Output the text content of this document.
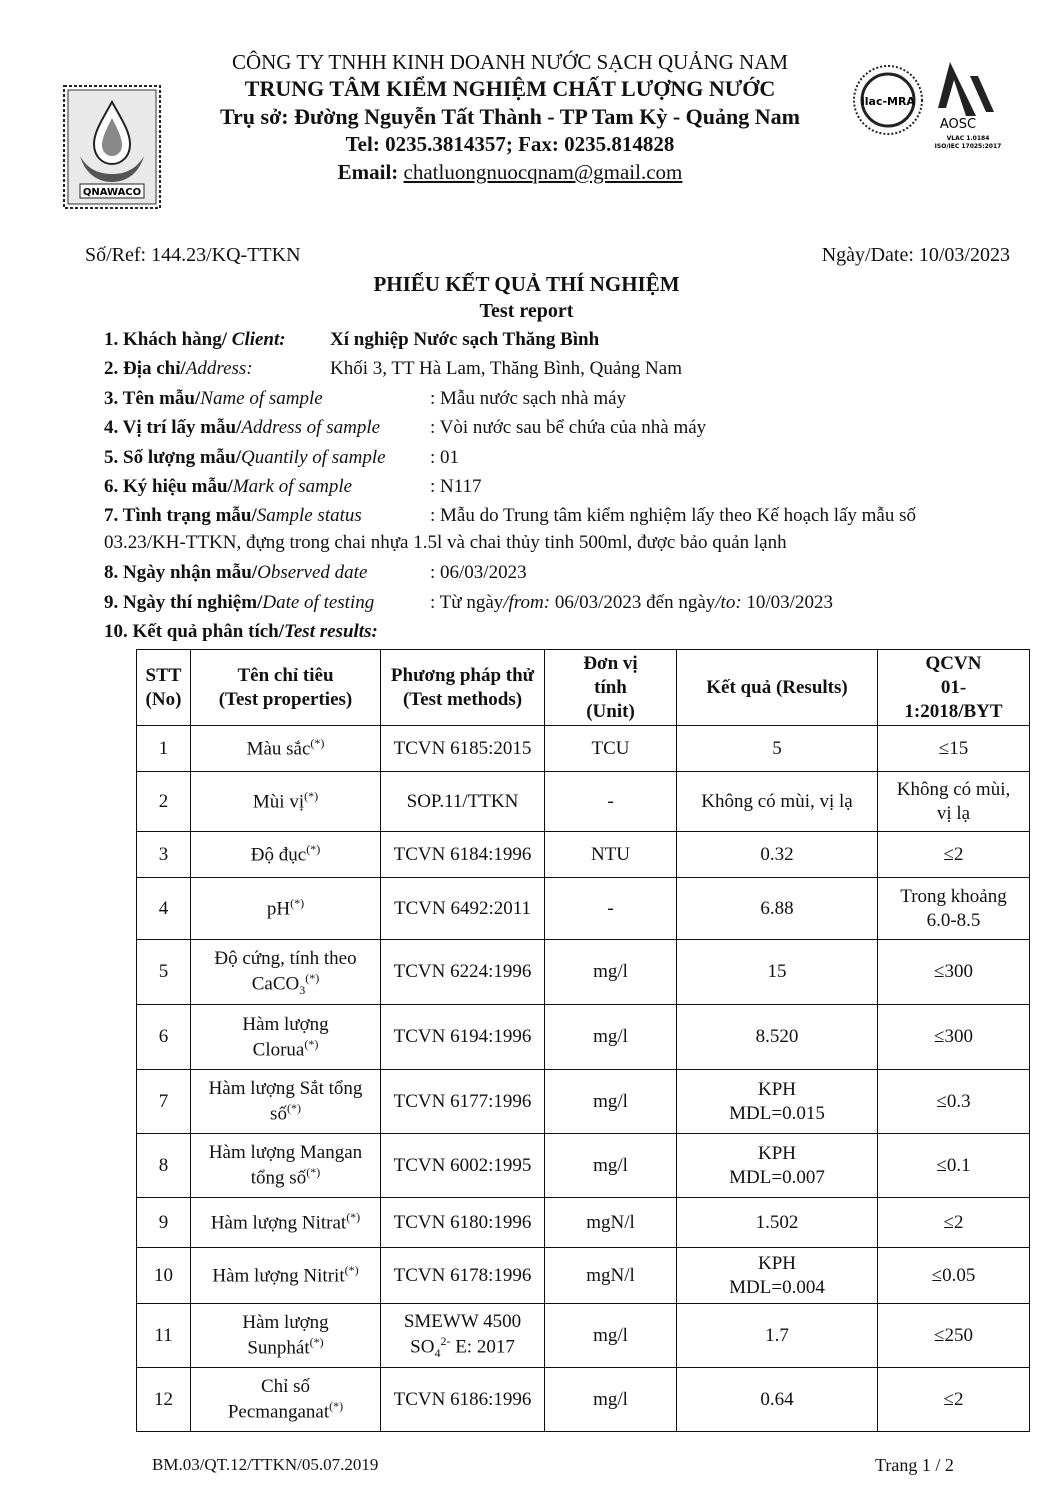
QNAWACO
ilac-MRA
AOSC
VLAC 1.0184
ISO/IEC 17025:2017
CÔNG TY TNHH KINH DOANH NƯỚC SẠCH QUẢNG NAM
TRUNG TÂM KIỂM NGHIỆM CHẤT LƯỢNG NƯỚC
Trụ sở: Đường Nguyễn Tất Thành - TP Tam Kỳ - Quảng Nam
Tel: 0235.3814357; Fax: 0235.814828
Email: chatluongnuocqnam@gmail.com
Số/Ref: 144.23/KQ-TTKN	Ngày/Date: 10/03/2023
PHIẾU KẾT QUẢ THÍ NGHIỆM
Test report
1. Khách hàng/ Client: Xí nghiệp Nước sạch Thăng Bình
2. Địa chỉ/Address:	Khối 3, TT Hà Lam, Thăng Bình, Quảng Nam
3. Tên mẫu/Name of sample	: Mẫu nước sạch nhà máy
4. Vị trí lấy mẫu/Address of sample	: Vòi nước sau bể chứa của nhà máy
5. Số lượng mẫu/Quantily of sample : 01
6. Ký hiệu mẫu/Mark of sample	: N117
7. Tình trạng mẫu/Sample status	: Mẫu do Trung tâm kiểm nghiệm lấy theo Kế hoạch lấy mẫu số
03.23/KH-TTKN, đựng trong chai nhựa 1.5l và chai thủy tinh 500ml, được bảo quản lạnh
8. Ngày nhận mẫu/Observed date	: 06/03/2023
9. Ngày thí nghiệm/Date of testing	: Từ ngày/from: 06/03/2023 đến ngày/to: 10/03/2023
10. Kết quả phân tích/Test results:
STT
(No)	Tên chỉ tiêu
(Test properties)	Phương pháp thử
(Test methods)	Đơn vị
tính
(Unit)	Kết quả (Results)	QCVN
01-
1:2018/BYT
1	Màu sắc(*)	TCVN 6185:2015	TCU	5	≤15
2	Mùi vị(*)	SOP.11/TTKN	-	Không có mùi, vị lạ	Không có mùi,
vị lạ
3	Độ đục(*)	TCVN 6184:1996	NTU	0.32	≤2
4	pH(*)	TCVN 6492:2011	-	6.88	Trong khoảng
6.0-8.5
5	Độ cứng, tính theo
CaCO$_3$(*)	TCVN 6224:1996	mg/l	15	≤300
6	Hàm lượng
Clorua(*)	TCVN 6194:1996	mg/l	8.520	≤300
7	Hàm lượng Sắt tổng
số(*)	TCVN 6177:1996	mg/l	KPH
MDL=0.015	≤0.3
8	Hàm lượng Mangan
tổng số(*)	TCVN 6002:1995	mg/l	KPH
MDL=0.007	≤0.1
9	Hàm lượng Nitrat(*)	TCVN 6180:1996	mgN/l	1.502	≤2
10	Hàm lượng Nitrit(*)	TCVN 6178:1996	mgN/l	KPH
MDL=0.004	≤0.05
11	Hàm lượng
Sunphát(*)	SMEWW 4500
$SO_4^{2-}$ E: 2017	mg/l	1.7	≤250
12	Chỉ số
Pecmanganat(*)	TCVN 6186:1996	mg/l	0.64	≤2
BM.03/QT.12/TTKN/05.07.2019	Trang 1 / 2
